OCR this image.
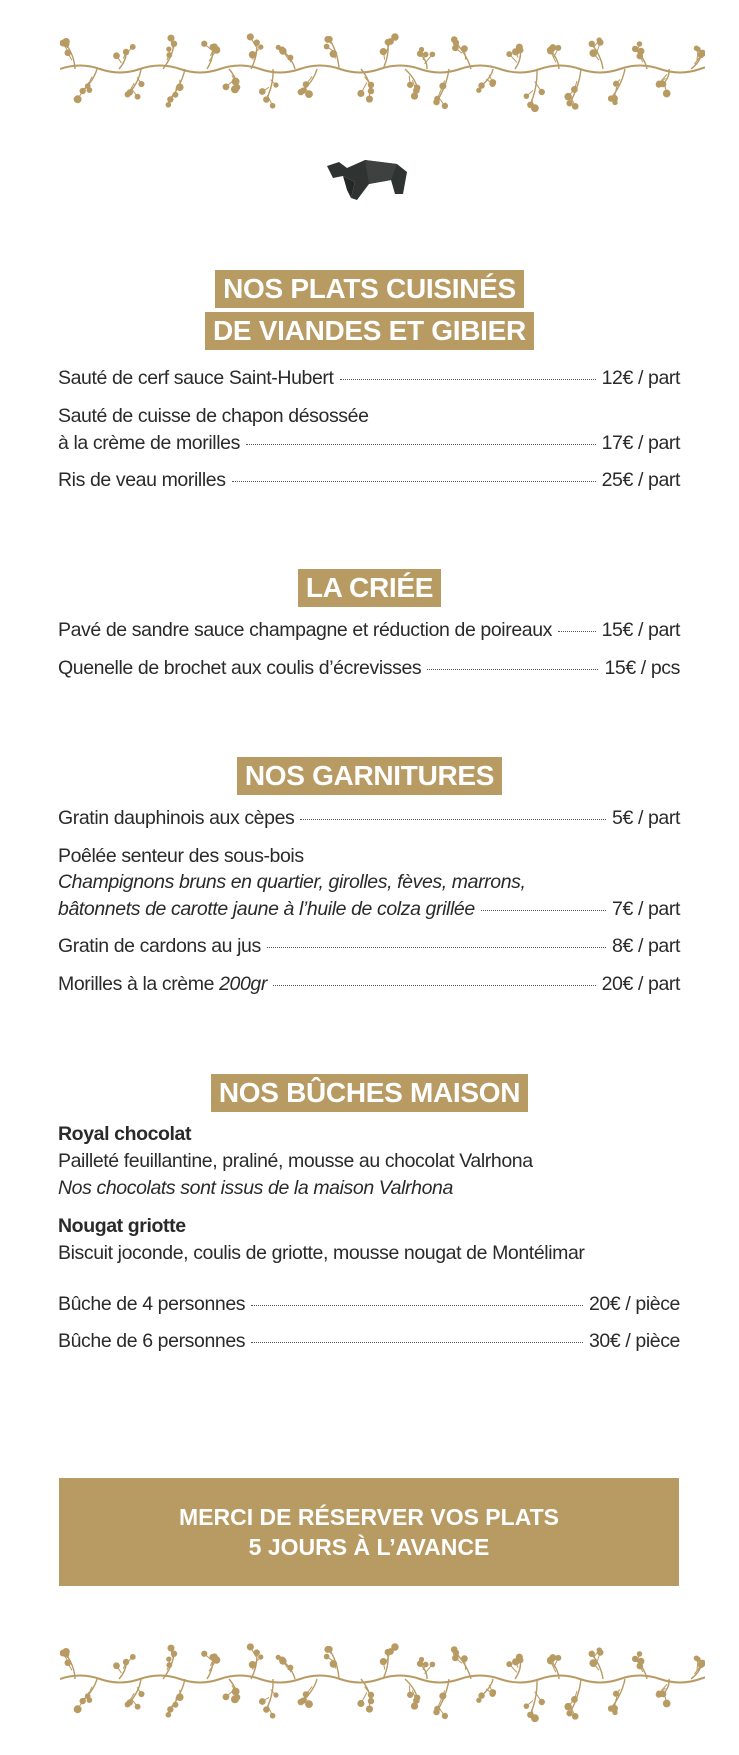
NOS PLATS CUISINÉS
DE VIANDES ET GIBIER
Sauté de cerf sauce Saint-Hubert	12€ / part
Sauté de cuisse de chapon désossée
à la crème de morilles	17€ / part
Ris de veau morilles	25€ / part
LA CRIÉE
Pavé de sandre sauce champagne et réduction de poireaux	15€ / part
Quenelle de brochet aux coulis d’écrevisses	15€ / pcs
NOS GARNITURES
Gratin dauphinois aux cèpes	5€ / part
Poêlée senteur des sous-bois
Champignons bruns en quartier, girolles, fèves, marrons,
bâtonnets de carotte jaune à l’huile de colza grillée	7€ / part
Gratin de cardons au jus	8€ / part
Morilles à la crème 200gr	20€ / part
NOS BÛCHES MAISON
Royal chocolat
Pailleté feuillantine, praliné, mousse au chocolat Valrhona
Nos chocolats sont issus de la maison Valrhona
Nougat griotte
Biscuit joconde, coulis de griotte, mousse nougat de Montélimar
Bûche de 4 personnes	20€ / pièce
Bûche de 6 personnes	30€ / pièce
MERCI DE RÉSERVER VOS PLATS
5 JOURS À L’AVANCE
